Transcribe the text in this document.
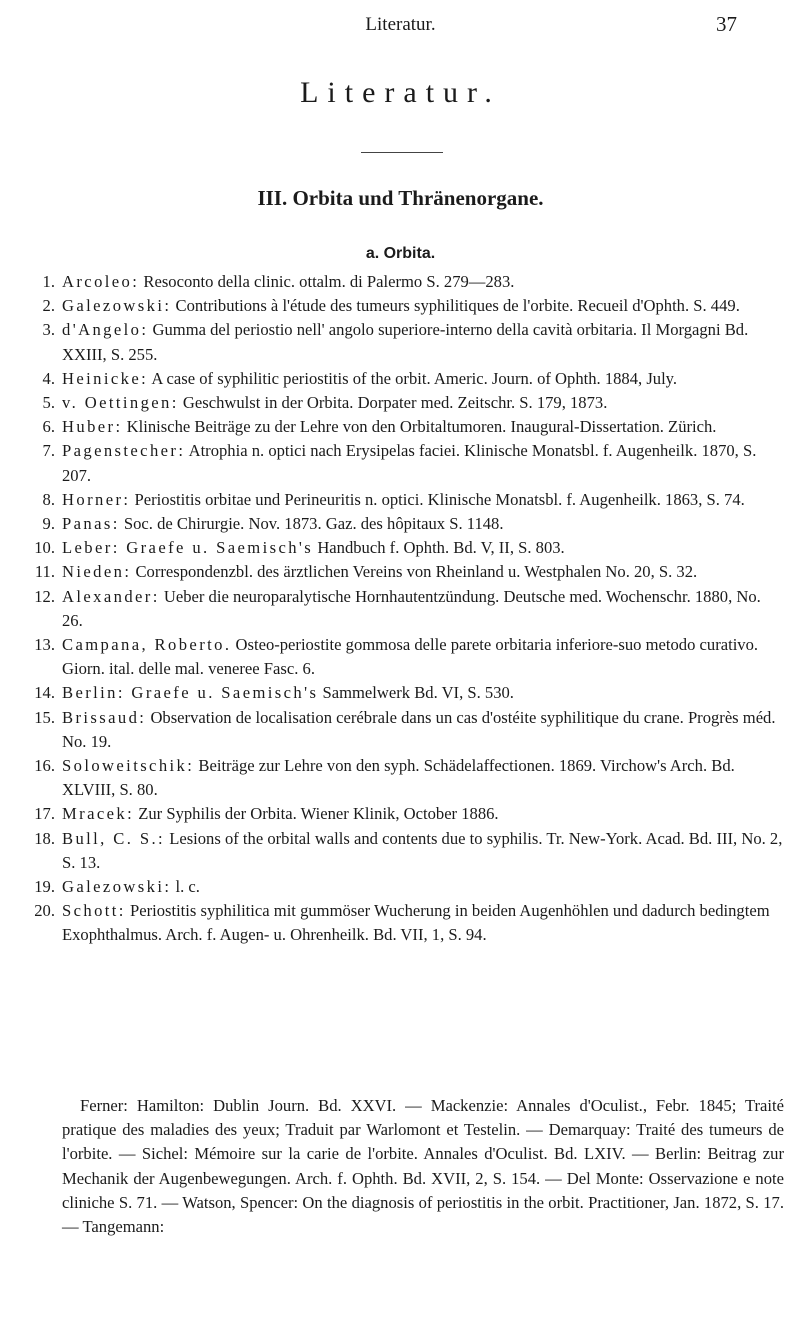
Literatur.	37
Literatur.
III. Orbita und Thränenorgane.
a. Orbita.
1. Arcoleo: Resoconto della clinic. ottalm. di Palermo S. 279—283.
2. Galezowski: Contributions à l'étude des tumeurs syphilitiques de l'orbite. Recueil d'Ophth. S. 449.
3. d'Angelo: Gumma del periostio nell' angolo superiore-interno della cavità orbitaria. Il Morgagni Bd. XXIII, S. 255.
4. Heinicke: A case of syphilitic periostitis of the orbit. Americ. Journ. of Ophth. 1884, July.
5. v. Oettingen: Geschwulst in der Orbita. Dorpater med. Zeitschr. S. 179, 1873.
6. Huber: Klinische Beiträge zu der Lehre von den Orbitaltumoren. Inaugural-Dissertation. Zürich.
7. Pagenstecher: Atrophia n. optici nach Erysipelas faciei. Klinische Monatsbl. f. Augenheilk. 1870, S. 207.
8. Horner: Periostitis orbitae und Perineuritis n. optici. Klinische Monatsbl. f. Augenheilk. 1863, S. 74.
9. Panas: Soc. de Chirurgie. Nov. 1873. Gaz. des hôpitaux S. 1148.
10. Leber: Graefe u. Saemisch's Handbuch f. Ophth. Bd. V, II, S. 803.
11. Nieden: Correspondenzbl. des ärztlichen Vereins von Rheinland u. Westphalen No. 20, S. 32.
12. Alexander: Ueber die neuroparalytische Hornhautentzündung. Deutsche med. Wochenschr. 1880, No. 26.
13. Campana, Roberto. Osteo-periostite gommosa delle parete orbitaria inferiore-suo metodo curativo. Giorn. ital. delle mal. veneree Fasc. 6.
14. Berlin: Graefe u. Saemisch's Sammelwerk Bd. VI, S. 530.
15. Brissaud: Observation de localisation cerébrale dans un cas d'ostéite syphilitique du crane. Progrès méd. No. 19.
16. Soloweitschik: Beiträge zur Lehre von den syph. Schädelaffectionen. 1869. Virchow's Arch. Bd. XLVIII, S. 80.
17. Mracek: Zur Syphilis der Orbita. Wiener Klinik, October 1886.
18. Bull, C. S.: Lesions of the orbital walls and contents due to syphilis. Tr. New-York. Acad. Bd. III, No. 2, S. 13.
19. Galezowski: l. c.
20. Schott: Periostitis syphilitica mit gummöser Wucherung in beiden Augenhöhlen und dadurch bedingtem Exophthalmus. Arch. f. Augen- u. Ohrenheilk. Bd. VII, 1, S. 94.
Ferner: Hamilton: Dublin Journ. Bd. XXVI. — Mackenzie: Annales d'Oculist., Febr. 1845; Traité pratique des maladies des yeux; Traduit par Warlomont et Testelin. — Demarquay: Traité des tumeurs de l'orbite. — Sichel: Mémoire sur la carie de l'orbite. Annales d'Oculist. Bd. LXIV. — Berlin: Beitrag zur Mechanik der Augenbewegungen. Arch. f. Ophth. Bd. XVII, 2, S. 154. — Del Monte: Osservazione e note cliniche S. 71. — Watson, Spencer: On the diagnosis of periostitis in the orbit. Practitioner, Jan. 1872, S. 17. — Tangemann:
